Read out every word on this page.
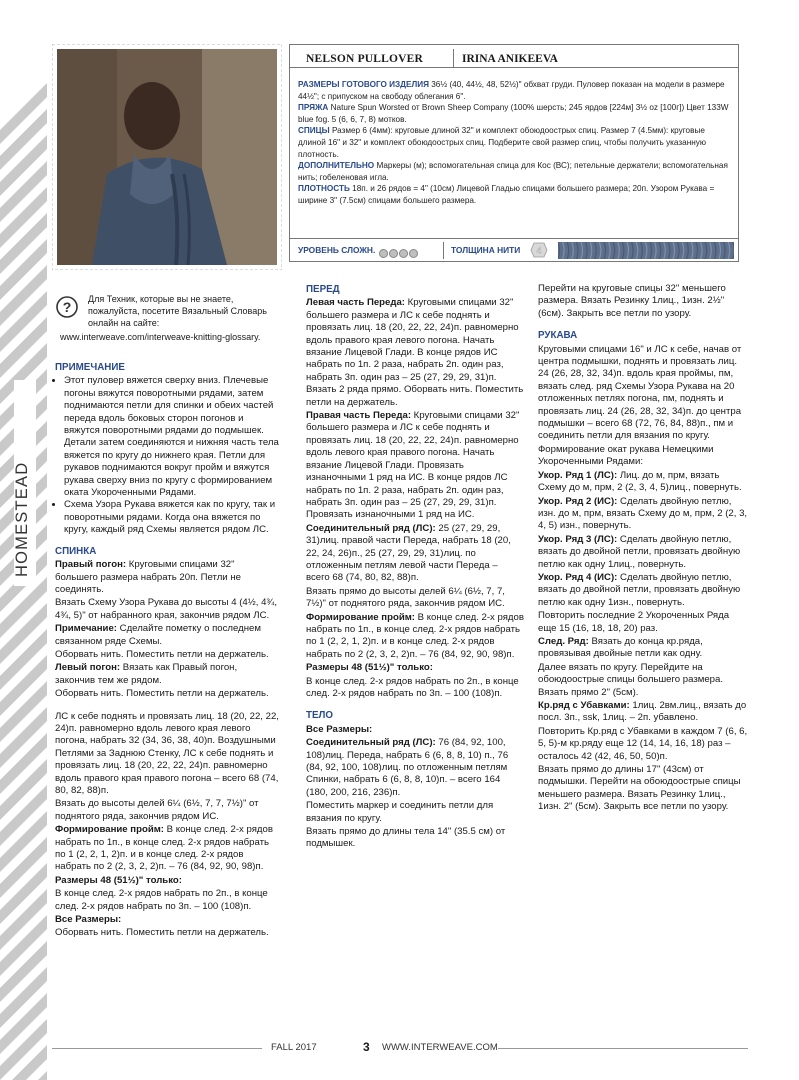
NELSON PULLOVER	IRINA ANIKEEVA
РАЗМЕРЫ ГОТОВОГО ИЗДЕЛИЯ 36½ (40, 44½, 48, 52½)" обхват груди. Пуловер показан на модели в размере 44½"; с припуском на свободу облегания 6".
ПРЯЖА Nature Spun Worsted от Brown Sheep Company (100% шерсть; 245 ярдов [224м] 3½ oz [100г]) Цвет 133W blue fog. 5 (6, 6, 7, 8) мотков.
СПИЦЫ Размер 6 (4мм): круговые длиной 32" и комплект обоюдоострых спиц. Размер 7 (4.5мм): круговые длиной 16" и 32" и комплект обоюдоострых спиц. Подберите свой размер спиц, чтобы получить указанную плотность.
ДОПОЛНИТЕЛЬНО Маркеры (м); вспомогательная спица для Кос (ВС); петельные держатели; вспомогательная нить; гобеленовая игла.
ПЛОТНОСТЬ 18п. и 26 рядов = 4" (10см) Лицевой Гладью спицами большего размера; 20п. Узором Рукава = ширине 3" (7.5см) спицами большего размера.
УРОВЕНЬ СЛОЖН.	ТОЛЩИНА НИТИ 4
? Для Техник, которые вы не знаете, пожалуйста, посетите Вязальный Словарь онлайн на сайте:
www.interweave.com/interweave-knitting-glossary.
HOMESTEAD

ПРИМЕЧАНИЕ

• Этот пуловер вяжется сверху вниз. Плечевые погоны вяжутся поворотными рядами, затем поднимаются петли для спинки и обеих частей переда вдоль боковых сторон погонов и вяжутся поворотными рядами до подмышек. Детали затем соединяются и нижняя часть тела вяжется по кругу до нижнего края. Петли для рукавов поднимаются вокруг пройм и вяжутся рукава сверху вниз по кругу с формированием оката Укороченными Рядами.
• Схема Узора Рукава вяжется как по кругу, так и поворотными рядами. Когда она вяжется по кругу, каждый ряд Схемы является рядом ЛС.

СПИНКА

Правый погон: Круговыми спицами 32" большего размера набрать 20п. Петли не соединять.

Вязать Схему Узора Рукава до высоты 4 (4½, 4¾, 4¾, 5)" от набранного края, закончив рядом ЛС.

Примечание: Сделайте пометку о последнем связанном ряде Схемы.

Оборвать нить. Поместить петли на держатель.

Левый погон: Вязать как Правый погон, закончив тем же рядом.

Оборвать нить. Поместить петли на держатель.

ЛС к себе поднять и провязать лиц. 18 (20, 22, 22, 24)п. равномерно вдоль левого края левого погона, набрать 32 (34, 36, 38, 40)п. Воздушными Петлями за Заднюю Стенку, ЛС к себе поднять и провязать лиц. 18 (20, 22, 22, 24)п. равномерно вдоль правого края правого погона – всего 68 (74, 80, 82, 88)п.

Вязать до высоты делей 6¼ (6½, 7, 7, 7½)" от поднятого ряда, закончив рядом ИС.

Формирование пройм: В конце след. 2-х рядов набрать по 1п., в конце след. 2-х рядов набрать по 1 (2, 2, 1, 2)п. и в конце след. 2-х рядов набрать по 2 (2, 3, 2, 2)п. – 76 (84, 92, 90, 98)п.

Размеры 48 (51½)" только:

В конце след. 2-х рядов набрать по 2п., в конце след. 2-х рядов набрать по 3п. – 100 (108)п.

Все Размеры:

Оборвать нить. Поместить петли на держатель.

ПЕРЕД

Левая часть Переда: Круговыми спицами 32" большего размера и ЛС к себе поднять и провязать лиц. 18 (20, 22, 22, 24)п. равномерно вдоль правого края левого погона. Начать вязание Лицевой Глади. В конце рядов ИС набрать по 1п. 2 раза, набрать 2п. один раз, набрать 3п. один раз – 25 (27, 29, 29, 31)п. Вязать 2 ряда прямо. Оборвать нить. Поместить петли на держатель.

Правая часть Переда: Круговыми спицами 32" большего размера и ЛС к себе поднять и провязать лиц. 18 (20, 22, 22, 24)п. равномерно вдоль левого края правого погона. Начать вязание Лицевой Глади. Провязать изнаночными 1 ряд на ИС. В конце рядов ЛС набрать по 1п. 2 раза, набрать 2п. один раз, набрать 3п. один раз – 25 (27, 29, 29, 31)п. Провязать изнаночными 1 ряд на ИС.

Соединительный ряд (ЛС): 25 (27, 29, 29, 31)лиц. правой части Переда, набрать 18 (20, 22, 24, 26)п., 25 (27, 29, 29, 31)лиц. по отложенным петлям левой части Переда – всего 68 (74, 80, 82, 88)п.

Вязать прямо до высоты делей 6¼ (6½, 7, 7, 7½)" от поднятого ряда, закончив рядом ИС.

Формирование пройм: В конце след. 2-х рядов набрать по 1п., в конце след. 2-х рядов набрать по 1 (2, 2, 1, 2)п. и в конце след. 2-х рядов набрать по 2 (2, 3, 2, 2)п. – 76 (84, 92, 90, 98)п.

Размеры 48 (51½)" только:

В конце след. 2-х рядов набрать по 2п., в конце след. 2-х рядов набрать по 3п. – 100 (108)п.

ТЕЛО

Все Размеры:

Соединительный ряд (ЛС): 76 (84, 92, 100, 108)лиц. Переда, набрать 6 (6, 8, 8, 10) п., 76 (84, 92, 100, 108)лиц. по отложенным петлям Спинки, набрать 6 (6, 8, 8, 10)п. – всего 164 (180, 200, 216, 236)п.

Поместить маркер и соединить петли для вязания по кругу.

Вязать прямо до длины тела 14" (35.5 см) от подмышек.

Перейти на круговые спицы 32" меньшего размера. Вязать Резинку 1лиц., 1изн. 2½" (6см). Закрыть все петли по узору.

РУКАВА

Круговыми спицами 16" и ЛС к себе, начав от центра подмышки, поднять и провязать лиц. 24 (26, 28, 32, 34)п. вдоль края проймы, пм, вязать след. ряд Схемы Узора Рукава на 20 отложенных петлях погона, пм, поднять и провязать лиц. 24 (26, 28, 32, 34)п. до центра подмышки – всего 68 (72, 76, 84, 88)п., пм и соединить петли для вязания по кругу.

Формирование окат рукава Немецкими Укороченными Рядами:

Укор. Ряд 1 (ЛС): Лиц. до м, прм, вязать Схему до м, прм, 2 (2, 3, 4, 5)лиц., повернуть.

Укор. Ряд 2 (ИС): Сделать двойную петлю, изн. до м, прм, вязать Схему до м, прм, 2 (2, 3, 4, 5) изн., повернуть.

Укор. Ряд 3 (ЛС): Сделать двойную петлю, вязать до двойной петли, провязать двойную петлю как одну 1лиц., повернуть.

Укор. Ряд 4 (ИС): Сделать двойную петлю, вязать до двойной петли, провязать двойную петлю как одну 1изн., повернуть.

Повторить последние 2 Укороченных Ряда еще 15 (16, 18, 18, 20) раз.

След. Ряд: Вязать до конца кр.ряда, провязывая двойные петли как одну.

Далее вязать по кругу. Перейдите на обоюдоострые спицы большего размера. Вязать прямо 2" (5см).

Кр.ряд с Убавками: 1лиц. 2вм.лиц., вязать до посл. 3п., ssk, 1лиц. – 2п. убавлено.

Повторить Кр.ряд с Убавками в каждом 7 (6, 6, 5, 5)-м кр.ряду еще 12 (14, 14, 16, 18) раз – осталось 42 (42, 46, 50, 50)п.

Вязать прямо до длины 17" (43см) от подмышки. Перейти на обоюдоострые спицы меньшего размера. Вязать Резинку 1лиц., 1изн. 2" (5см). Закрыть все петли по узору.

FALL 2017	3 WWW.INTERWEAVE.COM
